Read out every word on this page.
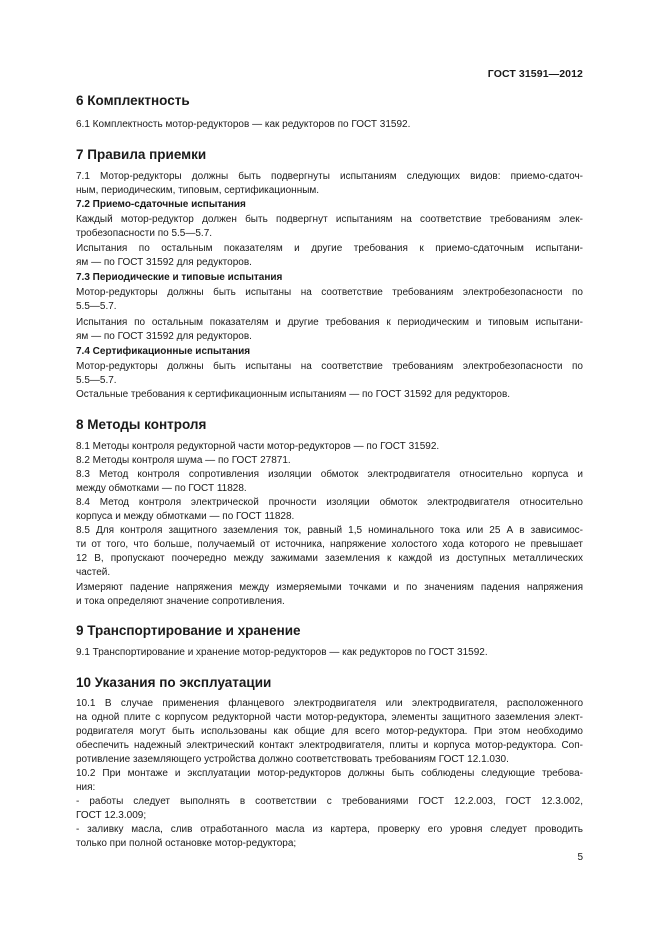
ГОСТ 31591—2012
6 Комплектность

6.1 Комплектность мотор-редукторов — как редукторов по ГОСТ 31592.

7 Правила приемки

7.1 Мотор-редукторы должны быть подвергнуты испытаниям следующих видов: приемо-сдаточ-

ным, периодическим, типовым, сертификационным.

7.2 Приемо-сдаточные испытания

Каждый мотор-редуктор должен быть подвергнут испытаниям на соответствие требованиям элек-

тробезопасности по 5.5—5.7.

Испытания по остальным показателям и другие требования к приемо-сдаточным испытани-

ям — по ГОСТ 31592 для редукторов.

7.3 Периодические и типовые испытания

Мотор-редукторы должны быть испытаны на соответствие требованиям электробезопасности по

5.5—5.7.

Испытания по остальным показателям и другие требования к периодическим и типовым испытани-

ям — по ГОСТ 31592 для редукторов.

7.4 Сертификационные испытания

Мотор-редукторы должны быть испытаны на соответствие требованиям электробезопасности по

5.5—5.7.

Остальные требования к сертификационным испытаниям — по ГОСТ 31592 для редукторов.

8 Методы контроля

8.1 Методы контроля редукторной части мотор-редукторов — по ГОСТ 31592.

8.2 Методы контроля шума — по ГОСТ 27871.

8.3 Метод контроля сопротивления изоляции обмоток электродвигателя относительно корпуса и

между обмотками — по ГОСТ 11828.

8.4 Метод контроля электрической прочности изоляции обмоток электродвигателя относительно

корпуса и между обмотками — по ГОСТ 11828.

8.5 Для контроля защитного заземления ток, равный 1,5 номинального тока или 25 А в зависимос-

ти от того, что больше, получаемый от источника, напряжение холостого хода которого не превышает

12 В, пропускают поочередно между зажимами заземления к каждой из доступных металлических

частей.

Измеряют падение напряжения между измеряемыми точками и по значениям падения напряжения

и тока определяют значение сопротивления.

9 Транспортирование и хранение

9.1 Транспортирование и хранение мотор-редукторов — как редукторов по ГОСТ 31592.

10 Указания по эксплуатации

10.1 В случае применения фланцевого электродвигателя или электродвигателя, расположенного

на одной плите с корпусом редукторной части мотор-редуктора, элементы защитного заземления элект-

родвигателя могут быть использованы как общие для всего мотор-редуктора. При этом необходимо

обеспечить надежный электрический контакт электродвигателя, плиты и корпуса мотор-редуктора. Соп-

ротивление заземляющего устройства должно соответствовать требованиям ГОСТ 12.1.030.

10.2 При монтаже и эксплуатации мотор-редукторов должны быть соблюдены следующие требова-

ния:

- работы следует выполнять в соответствии с требованиями ГОСТ 12.2.003, ГОСТ 12.3.002,

ГОСТ 12.3.009;

- заливку масла, слив отработанного масла из картера, проверку его уровня следует проводить

только при полной остановке мотор-редуктора;

5
